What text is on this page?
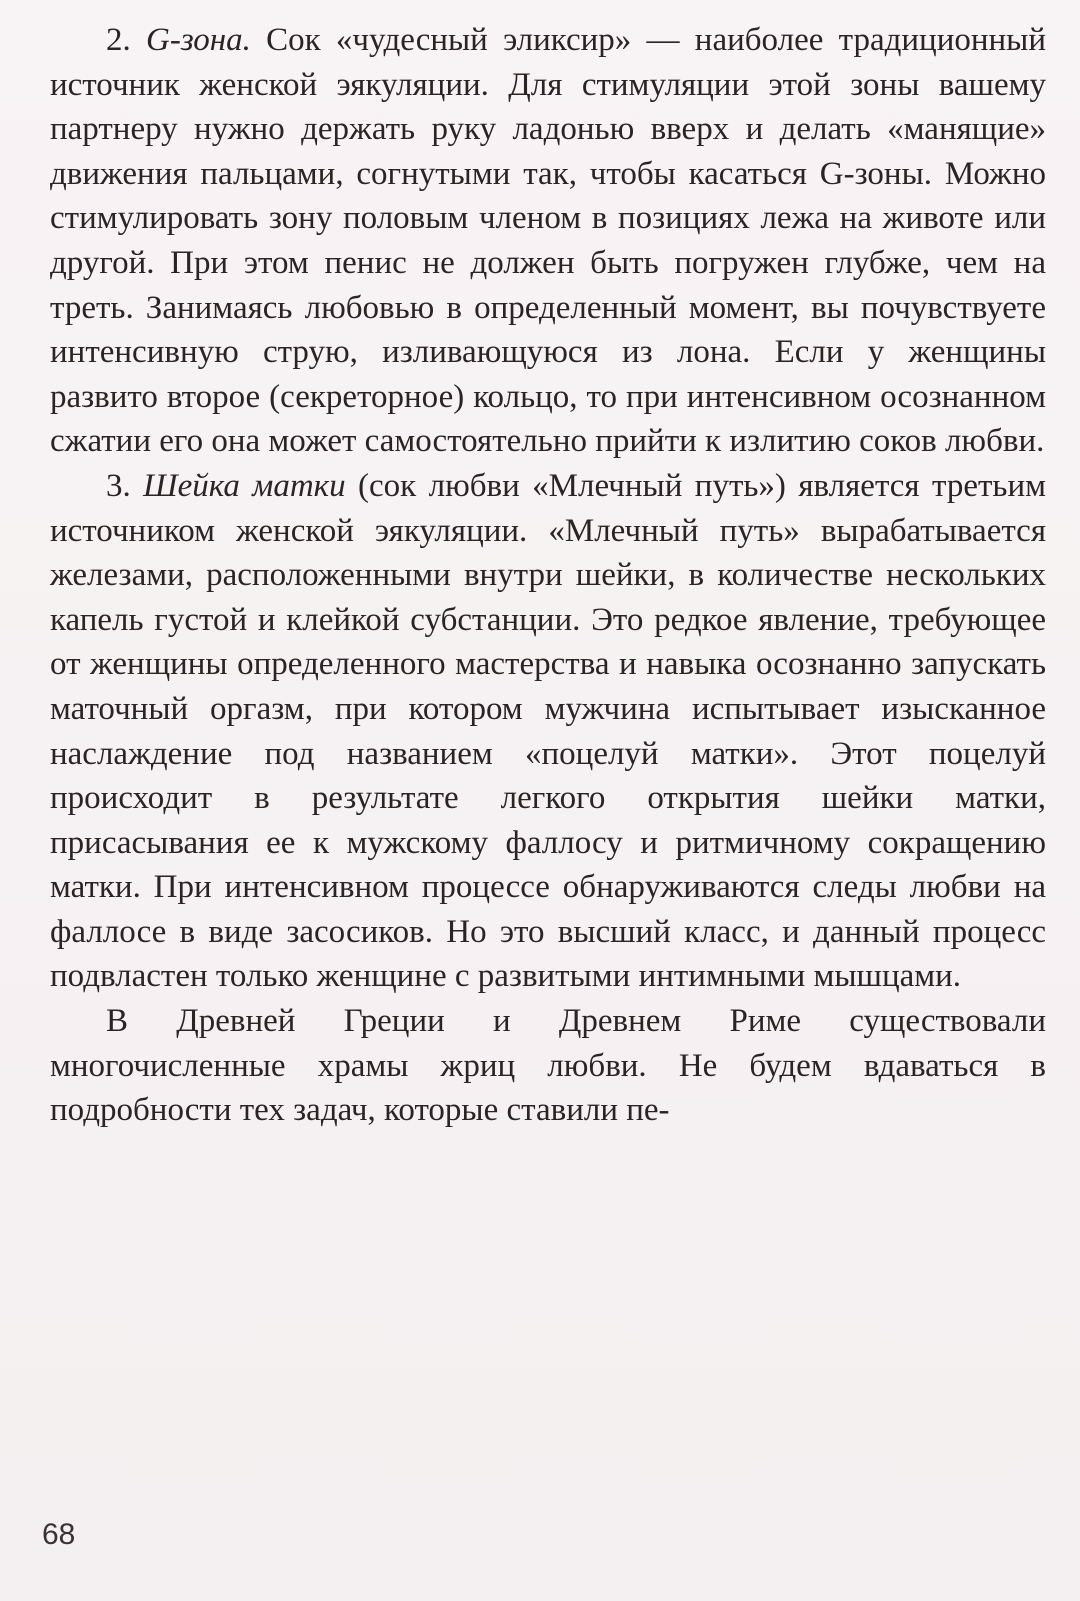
2. G-зона. Сок «чудесный эликсир» — наиболее традиционный источник женской эякуляции. Для стимуляции этой зоны вашему партнеру нужно держать руку ладонью вверх и делать «манящие» движения пальцами, согнутыми так, чтобы касаться G-зоны. Можно стимулировать зону половым членом в позициях лежа на животе или другой. При этом пенис не должен быть погружен глубже, чем на треть. Занимаясь любовью в определенный момент, вы почувствуете интенсивную струю, изливающуюся из лона. Если у женщины развито второе (секреторное) кольцо, то при интенсивном осознанном сжатии его она может самостоятельно прийти к излитию соков любви.

3. Шейка матки (сок любви «Млечный путь») является третьим источником женской эякуляции. «Млечный путь» вырабатывается железами, расположенными внутри шейки, в количестве нескольких капель густой и клейкой субстанции. Это редкое явление, требующее от женщины определенного мастерства и навыка осознанно запускать маточный оргазм, при котором мужчина испытывает изысканное наслаждение под названием «поцелуй матки». Этот поцелуй происходит в результате легкого открытия шейки матки, присасывания ее к мужскому фаллосу и ритмичному сокращению матки. При интенсивном процессе обнаруживаются следы любви на фаллосе в виде засосиков. Но это высший класс, и данный процесс подвластен только женщине с развитыми интимными мышцами.

В Древней Греции и Древнем Риме существовали многочисленные храмы жриц любви. Не будем вдаваться в подробности тех задач, которые ставили пе-

68
